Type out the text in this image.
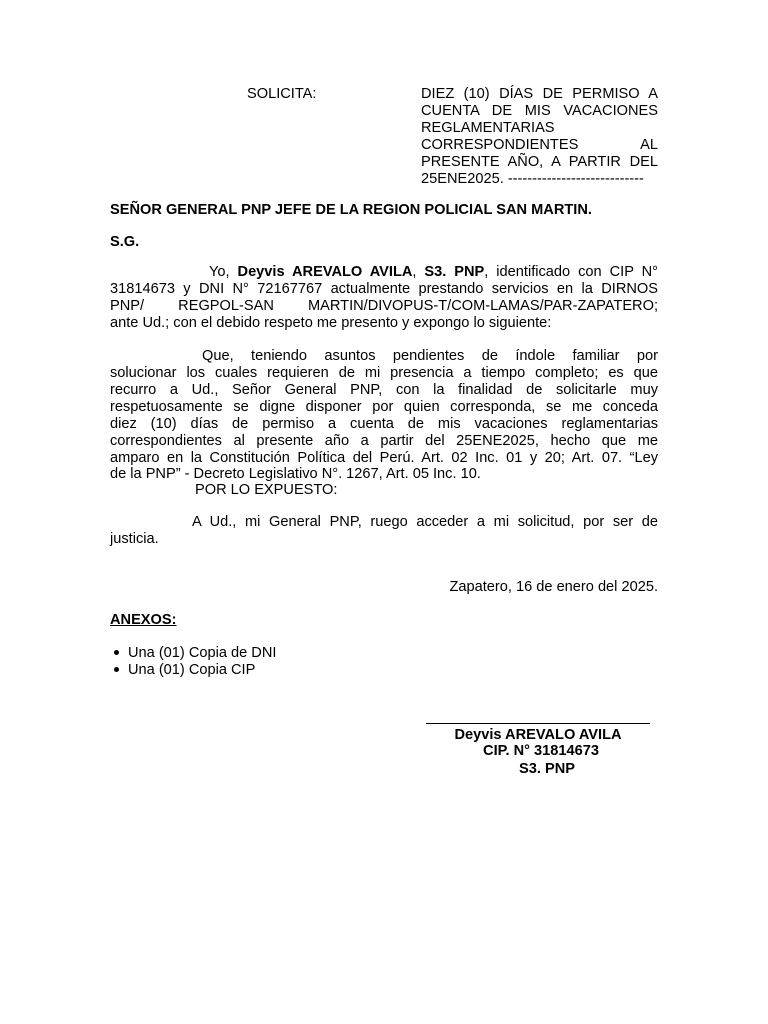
SOLICITA:	DIEZ (10) DÍAS DE PERMISO A
CUENTA DE MIS VACACIONES
REGLAMENTARIAS
CORRESPONDIENTES AL
PRESENTE AÑO, A PARTIR DEL
25ENE2025. ----------------------------
SEÑOR GENERAL PNP JEFE DE LA REGION POLICIAL SAN MARTIN.
S.G.
Yo, Deyvis AREVALO AVILA, S3. PNP, identificado con CIP N°
31814673 y DNI N° 72167767 actualmente prestando servicios en la DIRNOS
PNP/ REGPOL-SAN MARTIN/DIVOPUS-T/COM-LAMAS/PAR-ZAPATERO;
ante Ud.; con el debido respeto me presento y expongo lo siguiente:
Que, teniendo asuntos pendientes de índole familiar por
solucionar los cuales requieren de mi presencia a tiempo completo; es que
recurro a Ud., Señor General PNP, con la finalidad de solicitarle muy
respetuosamente se digne disponer por quien corresponda, se me conceda
diez (10) días de permiso a cuenta de mis vacaciones reglamentarias
correspondientes al presente año a partir del 25ENE2025, hecho que me
amparo en la Constitución Política del Perú. Art. 02 Inc. 01 y 20; Art. 07. “Ley
de la PNP” - Decreto Legislativo N°. 1267, Art. 05 Inc. 10.
POR LO EXPUESTO:
A Ud., mi General PNP, ruego acceder a mi solicitud, por ser de
justicia.
Zapatero, 16 de enero del 2025.
ANEXOS:
Una (01) Copia de DNI
Una (01) Copia CIP
Deyvis AREVALO AVILA
CIP. N° 31814673
S3. PNP
